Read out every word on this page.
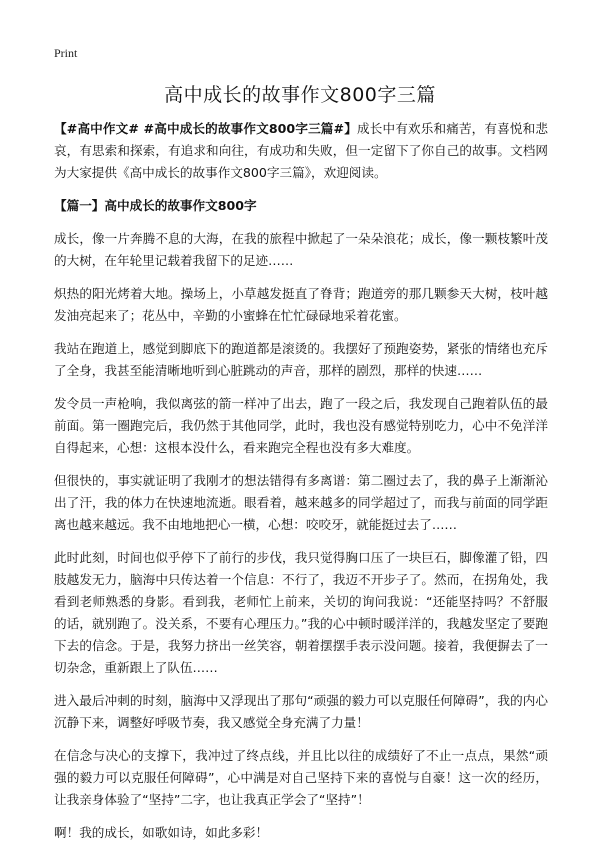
Print
高中成长的故事作文800字三篇

【#高中作文# #高中成长的故事作文800字三篇#】成长中有欢乐和痛苦，有喜悦和悲哀，有思索和探索，有追求和向往，有成功和失败，但一定留下了你自己的故事。文档网为大家提供《高中成长的故事作文800字三篇》，欢迎阅读。

【篇一】高中成长的故事作文800字

成长，像一片奔腾不息的大海，在我的旅程中掀起了一朵朵浪花；成长，像一颗枝繁叶茂的大树，在年轮里记载着我留下的足迹……

炽热的阳光烤着大地。操场上，小草越发挺直了脊背；跑道旁的那几颗参天大树，枝叶越发油亮起来了；花丛中，辛勤的小蜜蜂在忙忙碌碌地采着花蜜。

我站在跑道上，感觉到脚底下的跑道都是滚烫的。我摆好了预跑姿势，紧张的情绪也充斥了全身，我甚至能清晰地听到心脏跳动的声音，那样的剧烈，那样的快速……

发令员一声枪响，我似离弦的箭一样冲了出去，跑了一段之后，我发现自己跑着队伍的最前面。第一圈跑完后，我仍然于其他同学，此时，我也没有感觉特别吃力，心中不免洋洋自得起来，心想：这根本没什么，看来跑完全程也没有多大难度。

但很快的，事实就证明了我刚才的想法错得有多离谱：第二圈过去了，我的鼻子上渐渐沁出了汗，我的体力在快速地流逝。眼看着，越来越多的同学超过了，而我与前面的同学距离也越来越远。我不由地地把心一横，心想：咬咬牙，就能挺过去了……

此时此刻，时间也似乎停下了前行的步伐，我只觉得胸口压了一块巨石，脚像灌了铅，四肢越发无力，脑海中只传达着一个信息：不行了，我迈不开步子了。然而，在拐角处，我看到老师熟悉的身影。看到我，老师忙上前来，关切的询问我说：“还能坚持吗？不舒服的话，就别跑了。没关系，不要有心理压力。”我的心中顿时暖洋洋的，我越发坚定了要跑下去的信念。于是，我努力挤出一丝笑容，朝着摆摆手表示没问题。接着，我便摒去了一切杂念，重新跟上了队伍……

进入最后冲刺的时刻，脑海中又浮现出了那句“顽强的毅力可以克服任何障碍”，我的内心沉静下来，调整好呼吸节奏，我又感觉全身充满了力量！

在信念与决心的支撑下，我冲过了终点线，并且比以往的成绩好了不止一点点，果然“顽强的毅力可以克服任何障碍”，心中满是对自己坚持下来的喜悦与自豪！这一次的经历，让我亲身体验了“坚持”二字，也让我真正学会了“坚持”！

啊！我的成长，如歌如诗，如此多彩！
